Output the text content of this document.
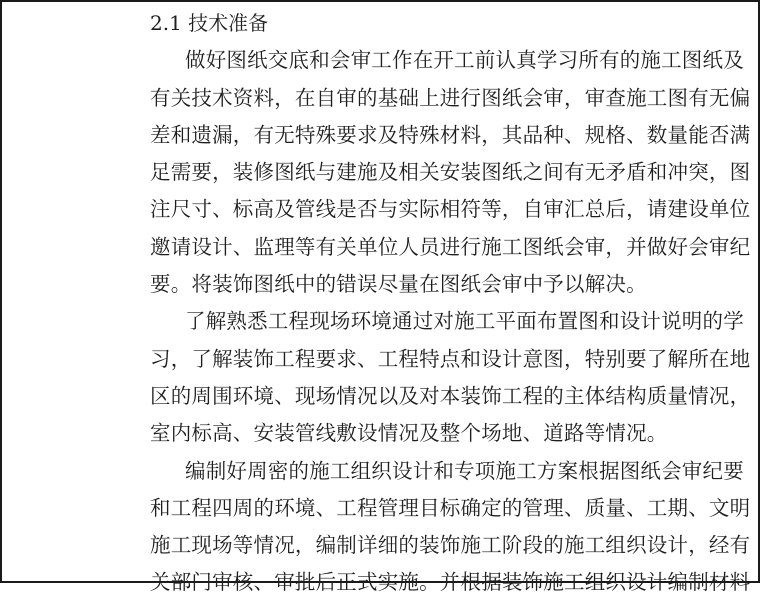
2.1 技术准备
做好图纸交底和会审工作在开工前认真学习所有的施工图纸及
有关技术资料，在自审的基础上进行图纸会审，审查施工图有无偏
差和遗漏，有无特殊要求及特殊材料，其品种、规格、数量能否满
足需要，装修图纸与建施及相关安装图纸之间有无矛盾和冲突，图
注尺寸、标高及管线是否与实际相符等，自审汇总后，请建设单位
邀请设计、监理等有关单位人员进行施工图纸会审，并做好会审纪
要。将装饰图纸中的错误尽量在图纸会审中予以解决。
了解熟悉工程现场环境通过对施工平面布置图和设计说明的学
习，了解装饰工程要求、工程特点和设计意图，特别要了解所在地
区的周围环境、现场情况以及对本装饰工程的主体结构质量情况，
室内标高、安装管线敷设情况及整个场地、道路等情况。
编制好周密的施工组织设计和专项施工方案根据图纸会审纪要
和工程四周的环境、工程管理目标确定的管理、质量、工期、文明
施工现场等情况，编制详细的装饰施工阶段的施工组织设计，经有
关部门审核、审批后正式实施。并根据装饰施工组织设计编制材料
